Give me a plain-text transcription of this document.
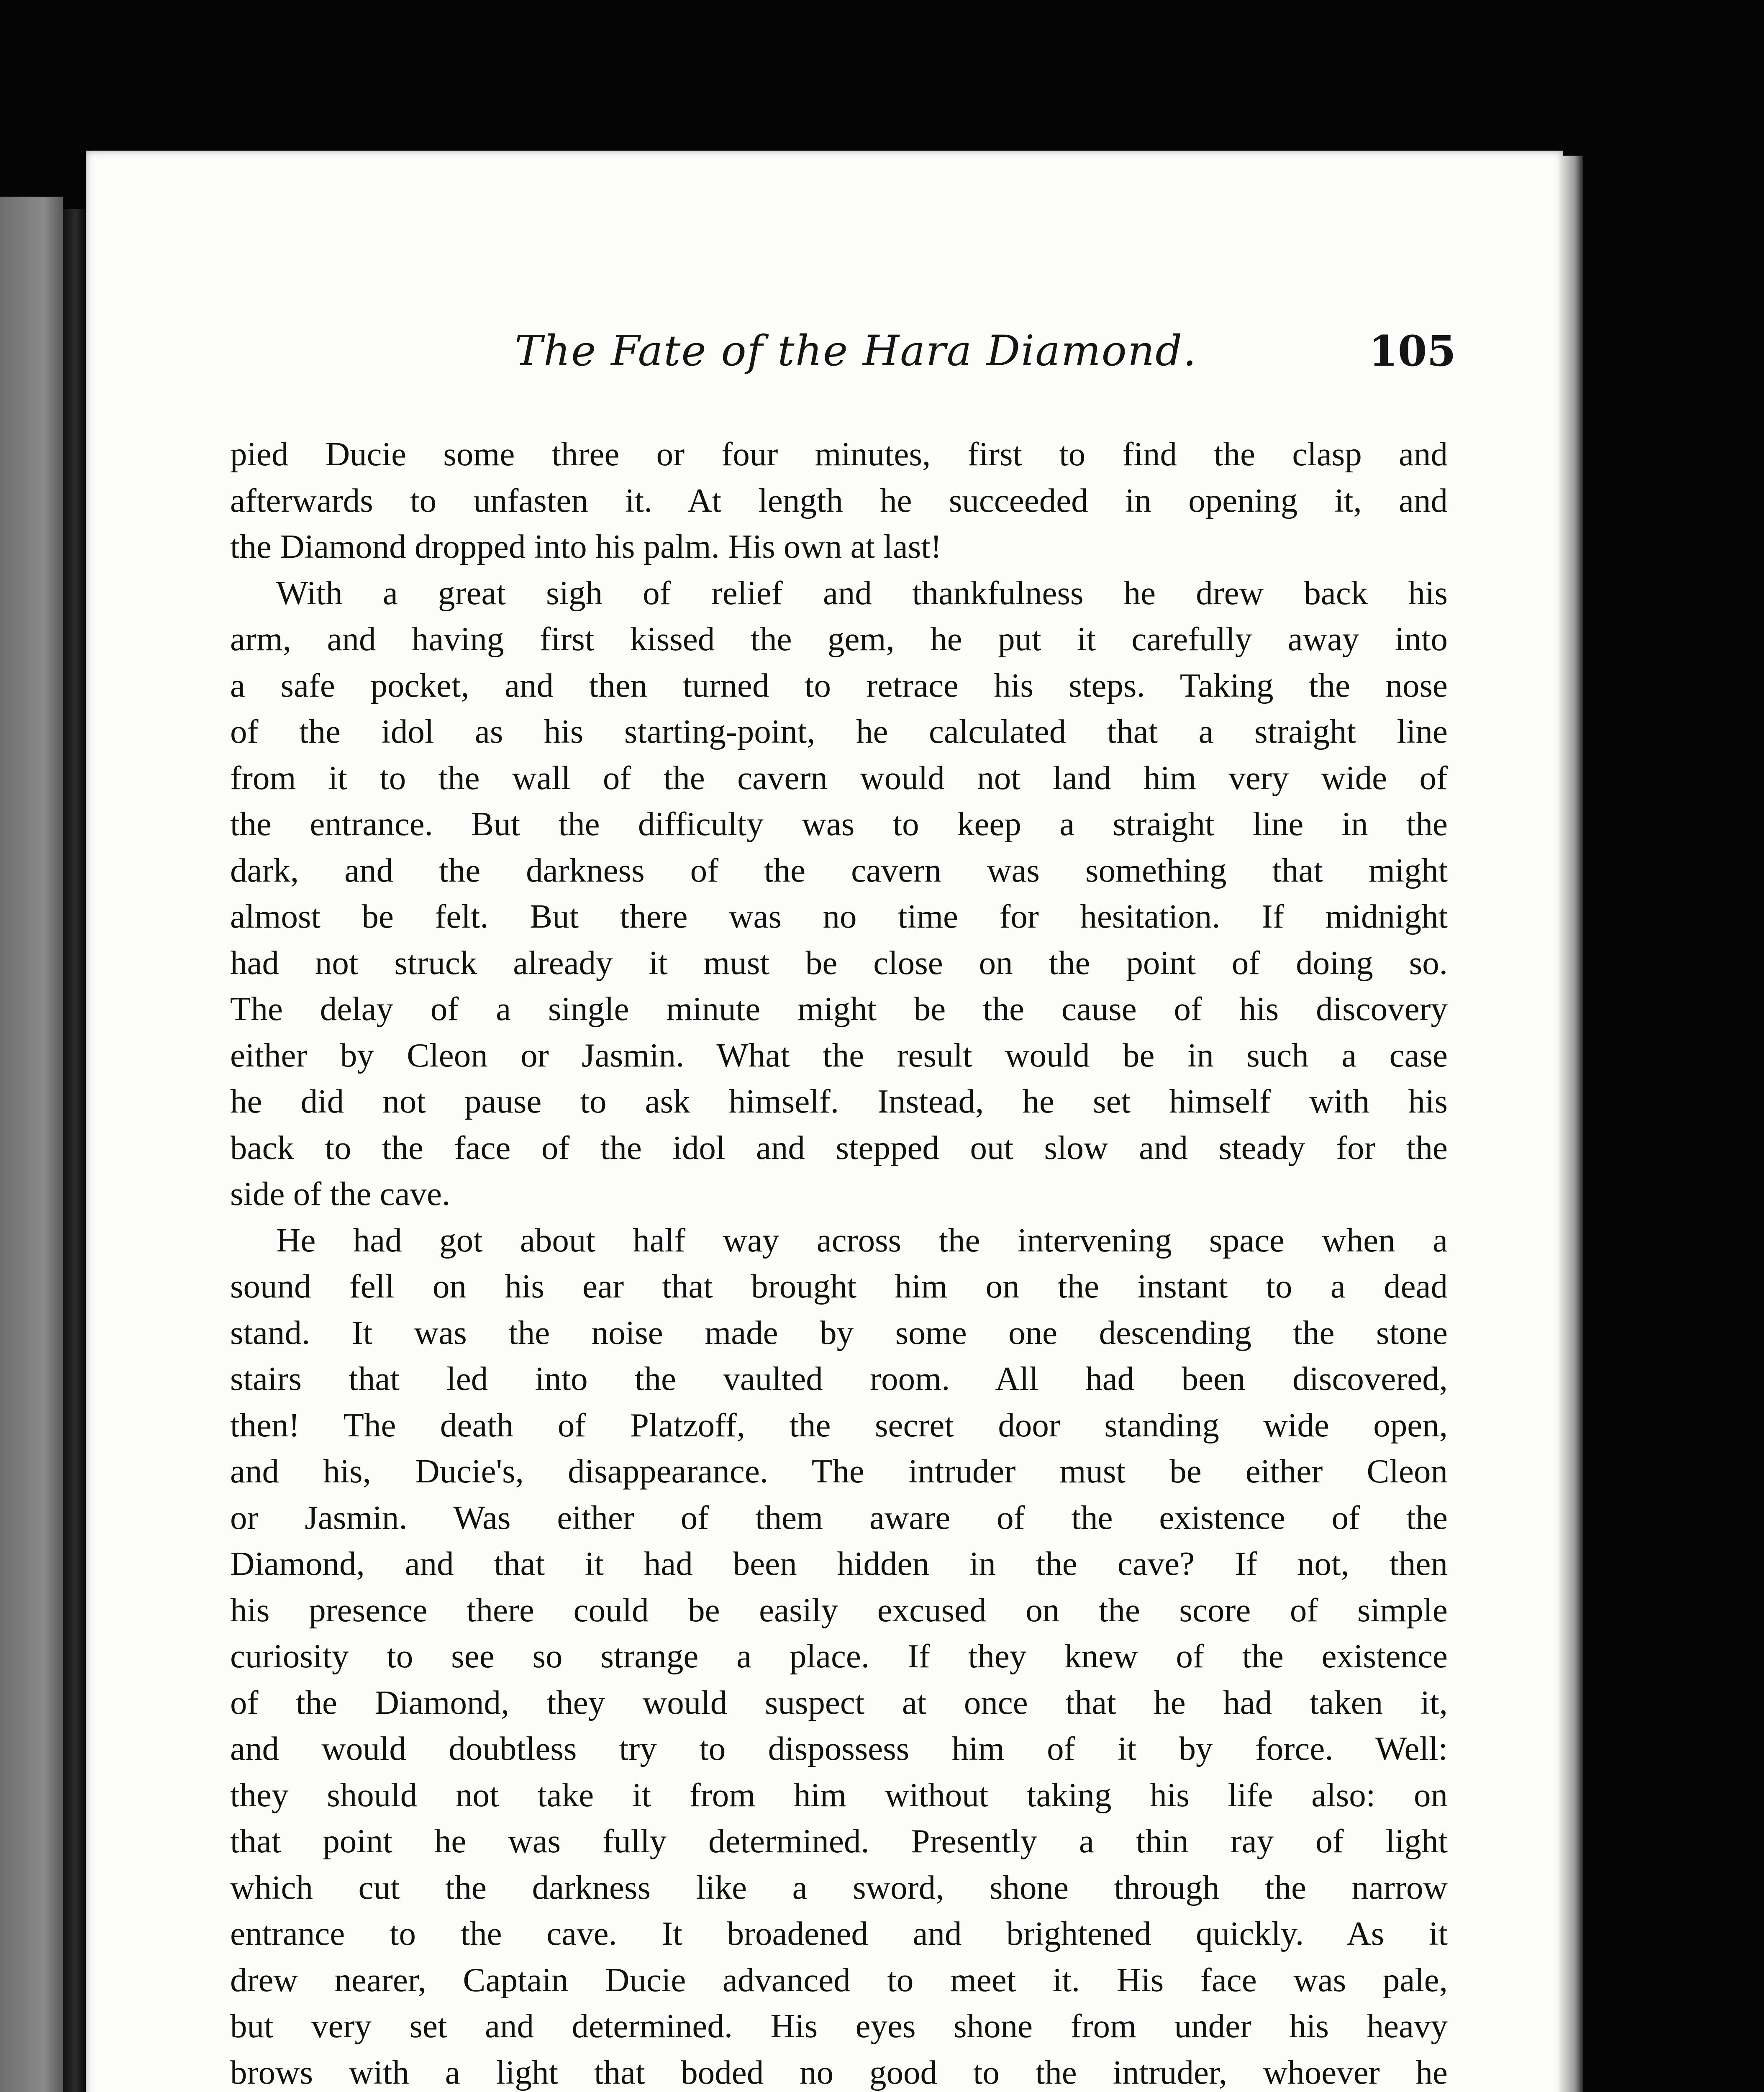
The Fate of the Hara Diamond.	105
pied Ducie some three or four minutes, first to find the clasp and
afterwards to unfasten it. At length he succeeded in opening it, and
the Diamond dropped into his palm. His own at last!
With a great sigh of relief and thankfulness he drew back his
arm, and having first kissed the gem, he put it carefully away into
a safe pocket, and then turned to retrace his steps. Taking the nose
of the idol as his starting-point, he calculated that a straight line
from it to the wall of the cavern would not land him very wide of
the entrance. But the difficulty was to keep a straight line in the
dark, and the darkness of the cavern was something that might
almost be felt. But there was no time for hesitation. If midnight
had not struck already it must be close on the point of doing so.
The delay of a single minute might be the cause of his discovery
either by Cleon or Jasmin. What the result would be in such a case
he did not pause to ask himself. Instead, he set himself with his
back to the face of the idol and stepped out slow and steady for the
side of the cave.
He had got about half way across the intervening space when a
sound fell on his ear that brought him on the instant to a dead
stand. It was the noise made by some one descending the stone
stairs that led into the vaulted room. All had been discovered,
then! The death of Platzoff, the secret door standing wide open,
and his, Ducie's, disappearance. The intruder must be either Cleon
or Jasmin. Was either of them aware of the existence of the
Diamond, and that it had been hidden in the cave? If not, then
his presence there could be easily excused on the score of simple
curiosity to see so strange a place. If they knew of the existence
of the Diamond, they would suspect at once that he had taken it,
and would doubtless try to dispossess him of it by force. Well:
they should not take it from him without taking his life also: on
that point he was fully determined. Presently a thin ray of light
which cut the darkness like a sword, shone through the narrow
entrance to the cave. It broadened and brightened quickly. As it
drew nearer, Captain Ducie advanced to meet it. His face was pale,
but very set and determined. His eyes shone from under his heavy
brows with a light that boded no good to the intruder, whoever he
